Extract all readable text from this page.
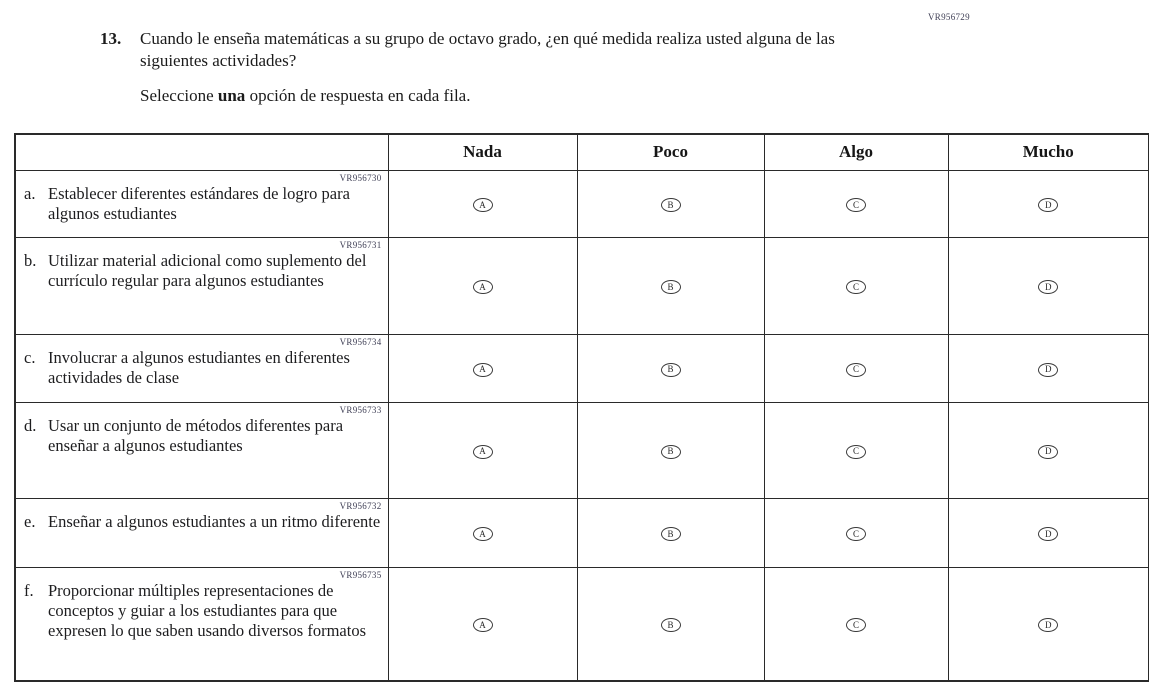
VR956729
13.	Cuando le enseña matemáticas a su grupo de octavo grado, ¿en qué medida realiza usted alguna de las siguientes actividades?
Seleccione una opción de respuesta en cada fila.
	Nada	Poco	Algo	Mucho

VR956730
a. Establecer diferentes estándares de logro para algunos estudiantes	A	B	C	D

VR956731
b. Utilizar material adicional como suplemento del currículo regular para algunos estudiantes	A	B	C	D

VR956734
c. Involucrar a algunos estudiantes en diferentes actividades de clase	A	B	C	D

VR956733
d. Usar un conjunto de métodos diferentes para enseñar a algunos estudiantes	A	B	C	D

VR956732
e. Enseñar a algunos estudiantes a un ritmo diferente	A	B	C	D

VR956735
f. Proporcionar múltiples representaciones de conceptos y guiar a los estudiantes para que expresen lo que saben usando diversos formatos	A	B	C	D
